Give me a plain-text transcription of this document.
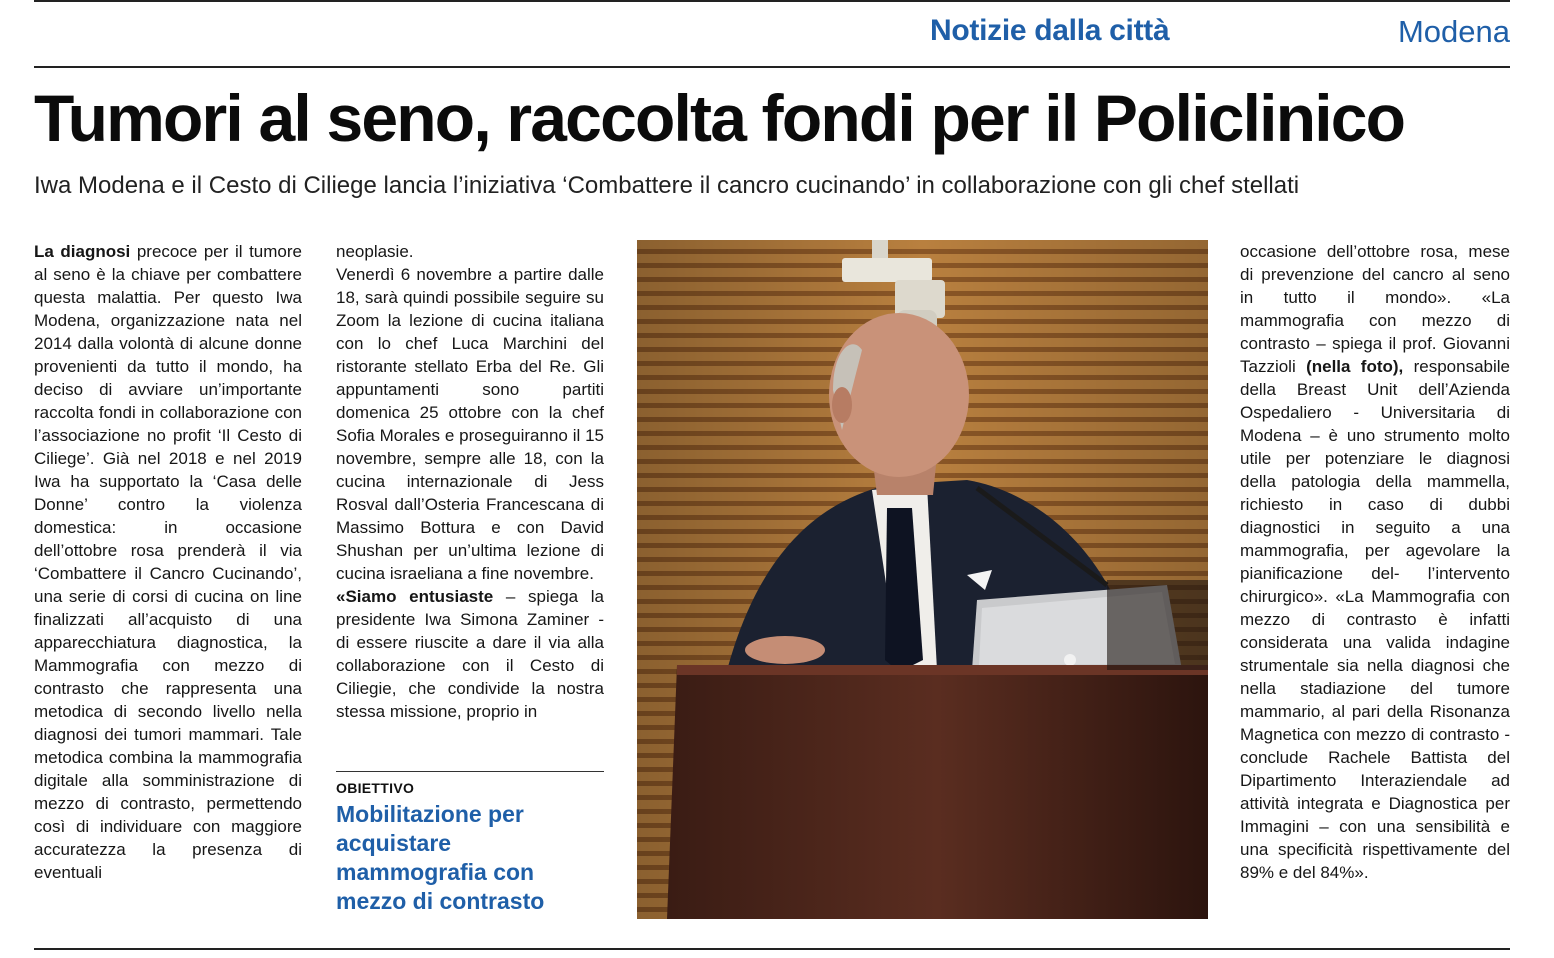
Notizie dalla città	Modena
Tumori al seno, raccolta fondi per il Policlinico
Iwa Modena e il Cesto di Ciliege lancia l’iniziativa ‘Combattere il cancro cucinando’ in collaborazione con gli chef stellati

La diagnosi precoce per il tumore al seno è la chiave per combattere questa malattia. Per questo Iwa Modena, organizzazione nata nel 2014 dalla volontà di alcune donne provenienti da tutto il mondo, ha deciso di avviare un’importante raccolta fondi in collaborazione con l’associazione no profit ‘Il Cesto di Ciliege’. Già nel 2018 e nel 2019 Iwa ha supportato la ‘Casa delle Donne’ contro la violenza domestica: in occasione dell’ottobre rosa prenderà il via ‘Combattere il Cancro Cucinando’, una serie di corsi di cucina on line finalizzati all’acquisto di una apparecchiatura diagnostica, la Mammografia con mezzo di contrasto che rappresenta una metodica di secondo livello nella diagnosi dei tumori mammari. Tale metodica combina la mammografia digitale alla somministrazione di mezzo di contrasto, permettendo così di individuare con maggiore accuratezza la presenza di eventuali

neoplasie.

Venerdì 6 novembre a partire dalle 18, sarà quindi possibile seguire su Zoom la lezione di cucina italiana con lo chef Luca Marchini del ristorante stellato Erba del Re. Gli appuntamenti sono partiti domenica 25 ottobre con la chef Sofia Morales e proseguiranno il 15 novembre, sempre alle 18, con la cucina internazionale di Jess Rosval dall’Osteria Francescana di Massimo Bottura e con David Shushan per un’ultima lezione di cucina israeliana a fine novembre.

«Siamo entusiaste – spiega la presidente Iwa Simona Zaminer - di essere riuscite a dare il via alla collaborazione con il Cesto di Ciliegie, che condivide la nostra stessa missione, proprio in

OBIETTIVO
Mobilitazione per acquistare mammografia con mezzo di contrasto

occasione dell’ottobre rosa, mese di prevenzione del cancro al seno in tutto il mondo». «La mammografia con mezzo di contrasto – spiega il prof. Giovanni Tazzioli (nella foto), responsabile della Breast Unit dell’Azienda Ospedaliero - Universitaria di Modena – è uno strumento molto utile per potenziare le diagnosi della patologia della mammella, richiesto in caso di dubbi diagnostici in seguito a una mammografia, per agevolare la pianificazione del- l’intervento chirurgico». «La Mammografia con mezzo di contrasto è infatti considerata una valida indagine strumentale sia nella diagnosi che nella stadiazione del tumore mammario, al pari della Risonanza Magnetica con mezzo di contrasto - conclude Rachele Battista del Dipartimento Interaziendale ad attività integrata e Diagnostica per Immagini – con una sensibilità e una specificità rispettivamente del 89% e del 84%».
